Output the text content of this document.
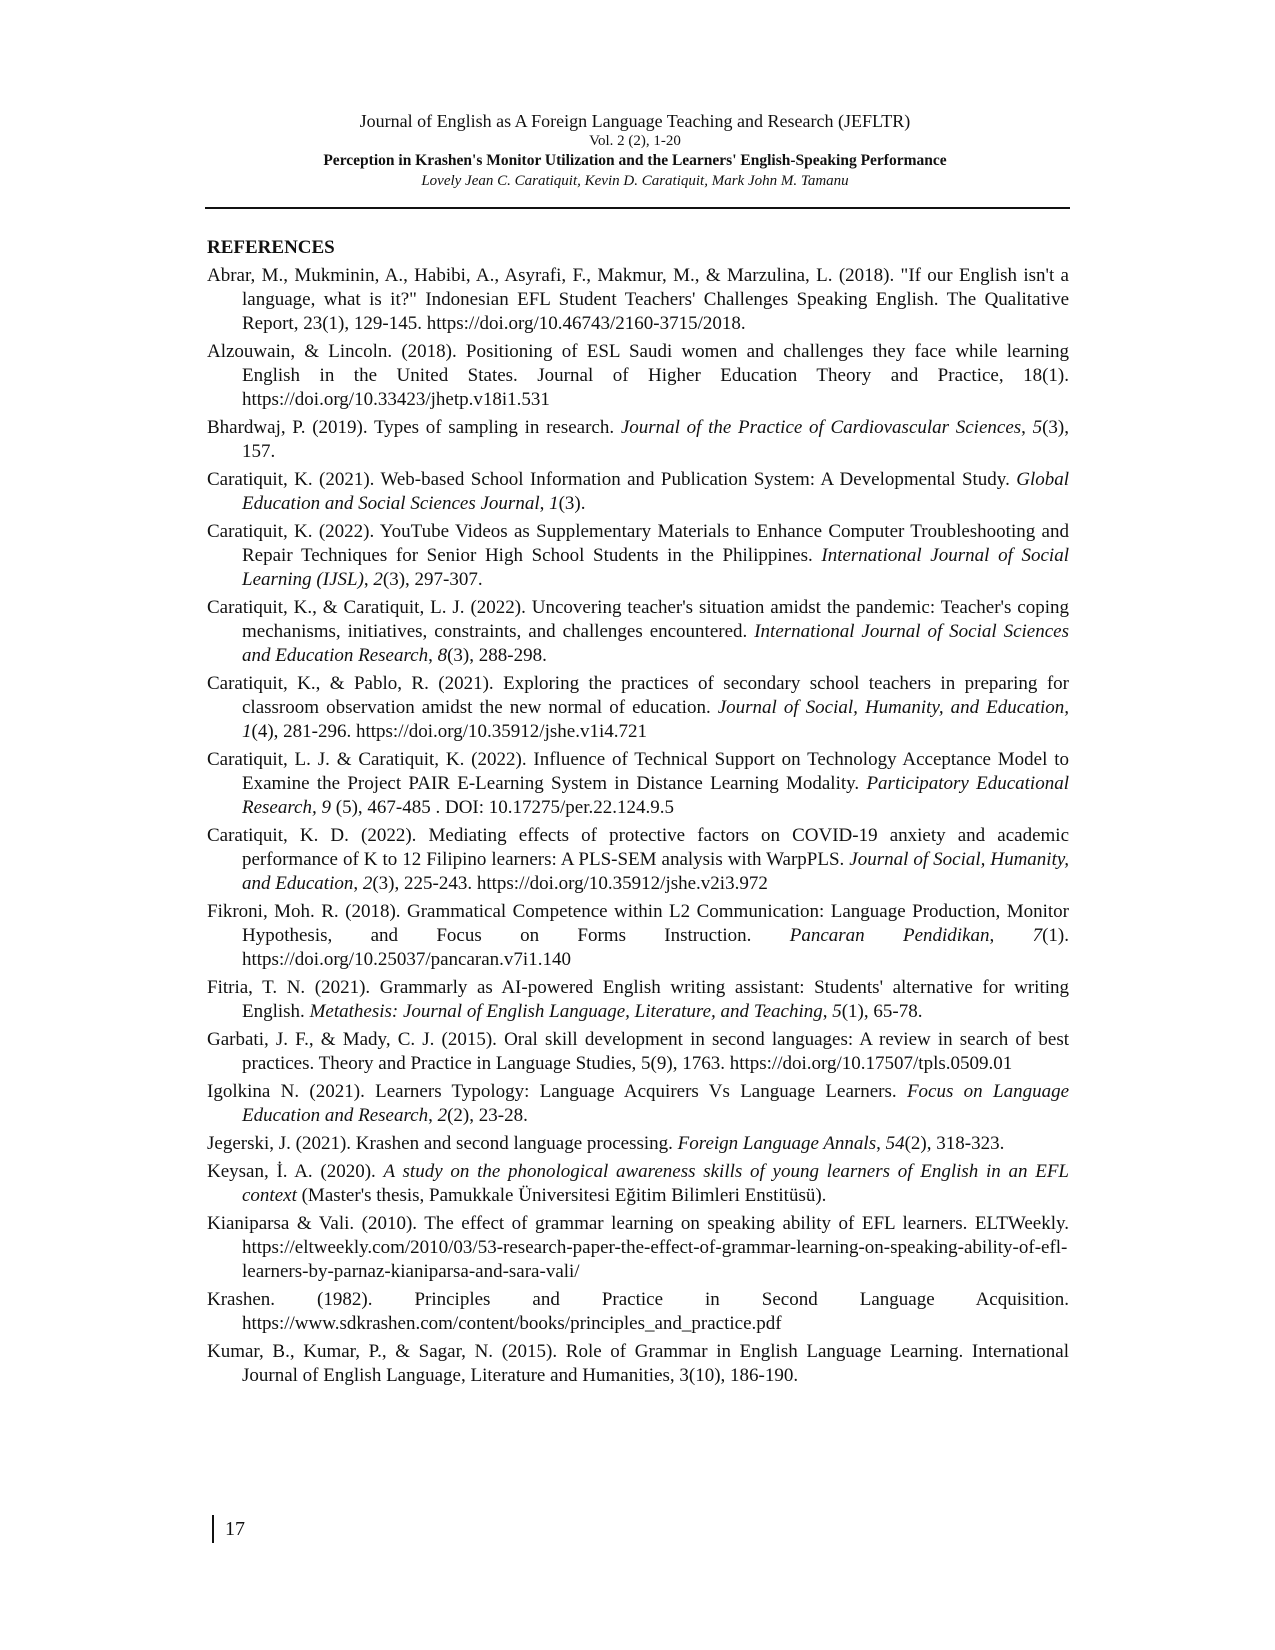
Journal of English as A Foreign Language Teaching and Research (JEFLTR)
Vol. 2 (2), 1-20
Perception in Krashen's Monitor Utilization and the Learners' English-Speaking Performance
Lovely Jean C. Caratiquit, Kevin D. Caratiquit, Mark John M. Tamanu
REFERENCES
Abrar, M., Mukminin, A., Habibi, A., Asyrafi, F., Makmur, M., & Marzulina, L. (2018). "If our English isn't a language, what is it?" Indonesian EFL Student Teachers' Challenges Speaking English. The Qualitative Report, 23(1), 129-145. https://doi.org/10.46743/2160-3715/2018.
Alzouwain, & Lincoln. (2018). Positioning of ESL Saudi women and challenges they face while learning English in the United States. Journal of Higher Education Theory and Practice, 18(1). https://doi.org/10.33423/jhetp.v18i1.531
Bhardwaj, P. (2019). Types of sampling in research. Journal of the Practice of Cardiovascular Sciences, 5(3), 157.
Caratiquit, K. (2021). Web-based School Information and Publication System: A Developmental Study. Global Education and Social Sciences Journal, 1(3).
Caratiquit, K. (2022). YouTube Videos as Supplementary Materials to Enhance Computer Troubleshooting and Repair Techniques for Senior High School Students in the Philippines. International Journal of Social Learning (IJSL), 2(3), 297-307.
Caratiquit, K., & Caratiquit, L. J. (2022). Uncovering teacher's situation amidst the pandemic: Teacher's coping mechanisms, initiatives, constraints, and challenges encountered. International Journal of Social Sciences and Education Research, 8(3), 288-298.
Caratiquit, K., & Pablo, R. (2021). Exploring the practices of secondary school teachers in preparing for classroom observation amidst the new normal of education. Journal of Social, Humanity, and Education, 1(4), 281-296. https://doi.org/10.35912/jshe.v1i4.721
Caratiquit, L. J. & Caratiquit, K. (2022). Influence of Technical Support on Technology Acceptance Model to Examine the Project PAIR E-Learning System in Distance Learning Modality. Participatory Educational Research, 9 (5), 467-485 . DOI: 10.17275/per.22.124.9.5
Caratiquit, K. D. (2022). Mediating effects of protective factors on COVID-19 anxiety and academic performance of K to 12 Filipino learners: A PLS-SEM analysis with WarpPLS. Journal of Social, Humanity, and Education, 2(3), 225-243. https://doi.org/10.35912/jshe.v2i3.972
Fikroni, Moh. R. (2018). Grammatical Competence within L2 Communication: Language Production, Monitor Hypothesis, and Focus on Forms Instruction. Pancaran Pendidikan, 7(1). https://doi.org/10.25037/pancaran.v7i1.140
Fitria, T. N. (2021). Grammarly as AI-powered English writing assistant: Students' alternative for writing English. Metathesis: Journal of English Language, Literature, and Teaching, 5(1), 65-78.
Garbati, J. F., & Mady, C. J. (2015). Oral skill development in second languages: A review in search of best practices. Theory and Practice in Language Studies, 5(9), 1763. https://doi.org/10.17507/tpls.0509.01
Igolkina N. (2021). Learners Typology: Language Acquirers Vs Language Learners. Focus on Language Education and Research, 2(2), 23-28.
Jegerski, J. (2021). Krashen and second language processing. Foreign Language Annals, 54(2), 318-323.
Keysan, İ. A. (2020). A study on the phonological awareness skills of young learners of English in an EFL context (Master's thesis, Pamukkale Üniversitesi Eğitim Bilimleri Enstitüsü).
Kianiparsa & Vali. (2010). The effect of grammar learning on speaking ability of EFL learners. ELTWeekly. https://eltweekly.com/2010/03/53-research-paper-the-effect-of-grammar-learning-on-speaking-ability-of-efl-learners-by-parnaz-kianiparsa-and-sara-vali/
Krashen. (1982). Principles and Practice in Second Language Acquisition. https://www.sdkrashen.com/content/books/principles_and_practice.pdf
Kumar, B., Kumar, P., & Sagar, N. (2015). Role of Grammar in English Language Learning. International Journal of English Language, Literature and Humanities, 3(10), 186-190.
17
